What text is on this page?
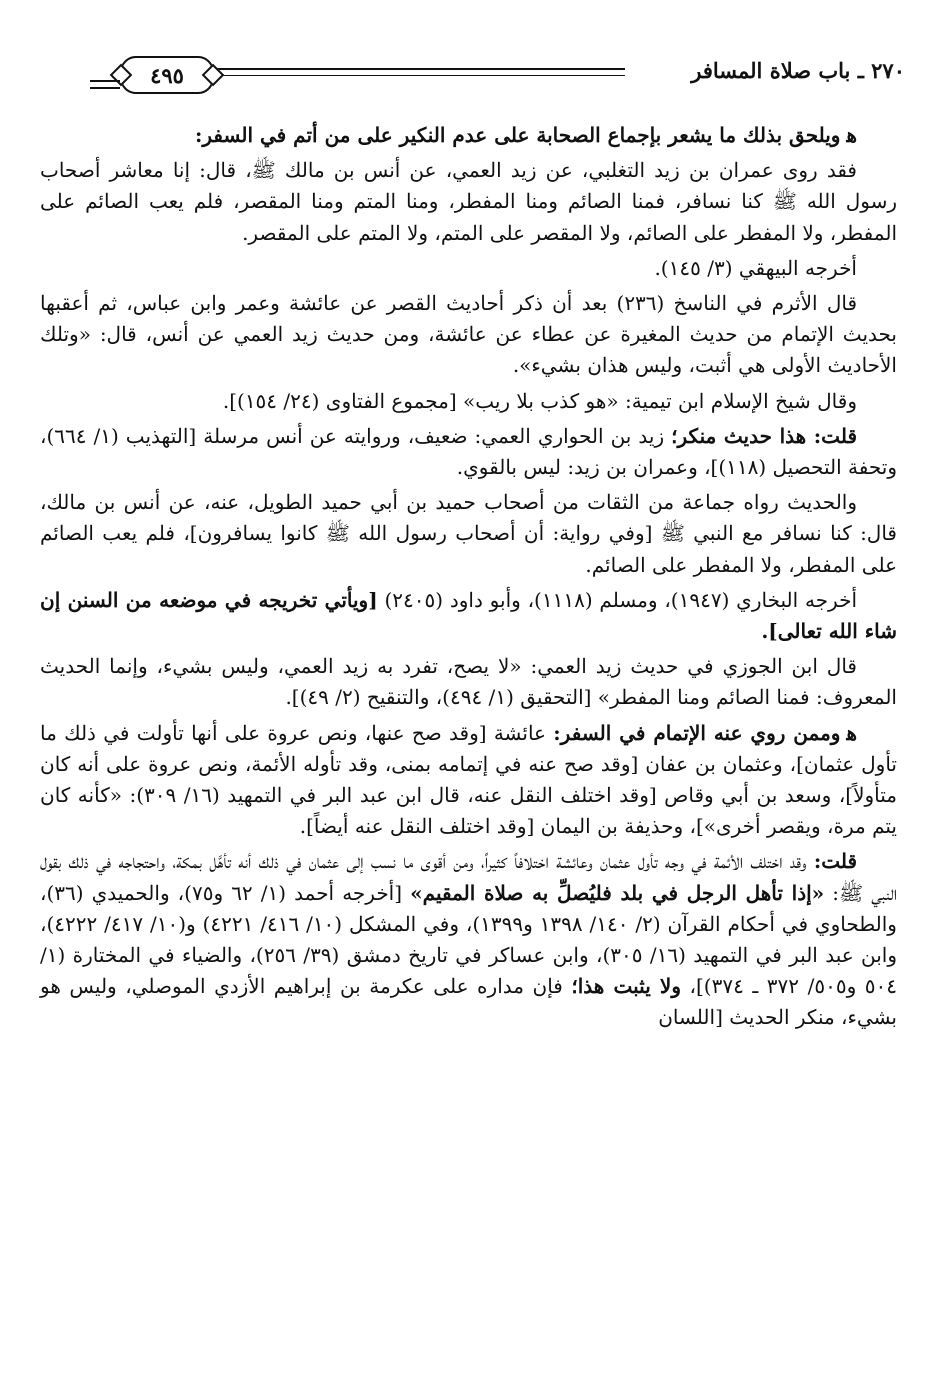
٢٧٠ ـ باب صلاة المسافر
٤٩٥

ﻫويلحق بذلك ما يشعر بإجماع الصحابة على عدم النكير على من أتم في السفر:

فقد روى عمران بن زيد التغلبي، عن زيد العمي، عن أنس بن مالك ﷺ، قال: إنا معاشر أصحاب رسول الله ﷺ كنا نسافر، فمنا الصائم ومنا المفطر، ومنا المتم ومنا المقصر، فلم يعب الصائم على المفطر، ولا المفطر على الصائم، ولا المقصر على المتم، ولا المتم على المقصر.

أخرجه البيهقي (٣/ ١٤٥).

قال الأثرم في الناسخ (٢٣٦) بعد أن ذكر أحاديث القصر عن عائشة وعمر وابن عباس، ثم أعقبها بحديث الإتمام من حديث المغيرة عن عطاء عن عائشة، ومن حديث زيد العمي عن أنس، قال: «وتلك الأحاديث الأولى هي أثبت، وليس هذان بشيء».

وقال شيخ الإسلام ابن تيمية: «هو كذب بلا ريب» [مجموع الفتاوى (٢٤/ ١٥٤)].

قلت: هذا حديث منكر؛ زيد بن الحواري العمي: ضعيف، وروايته عن أنس مرسلة [التهذيب (١/ ٦٦٤)، وتحفة التحصيل (١١٨)]، وعمران بن زيد: ليس بالقوي.

والحديث رواه جماعة من الثقات من أصحاب حميد بن أبي حميد الطويل، عنه، عن أنس بن مالك، قال: كنا نسافر مع النبي ﷺ [وفي رواية: أن أصحاب رسول الله ﷺ كانوا يسافرون]، فلم يعب الصائم على المفطر، ولا المفطر على الصائم.

أخرجه البخاري (١٩٤٧)، ومسلم (١١١٨)، وأبو داود (٢٤٠٥) [ويأتي تخريجه في موضعه من السنن إن شاء الله تعالى].

قال ابن الجوزي في حديث زيد العمي: «لا يصح، تفرد به زيد العمي، وليس بشيء، وإنما الحديث المعروف: فمنا الصائم ومنا المفطر» [التحقيق (١/ ٤٩٤)، والتنقيح (٢/ ٤٩)].

ﻫوممن روي عنه الإتمام في السفر: عائشة [وقد صح عنها، ونص عروة على أنها تأولت في ذلك ما تأول عثمان]، وعثمان بن عفان [وقد صح عنه في إتمامه بمنى، وقد تأوله الأئمة، ونص عروة على أنه كان متأولاً]، وسعد بن أبي وقاص [وقد اختلف النقل عنه، قال ابن عبد البر في التمهيد (١٦/ ٣٠٩): «كأنه كان يتم مرة، ويقصر أخرى»]، وحذيفة بن اليمان [وقد اختلف النقل عنه أيضاً].

قلت: وقد اختلف الأئمة في وجه تأول عثمان وعائشة اختلافاً كثيراً، ومن أقوى ما نسب إلى عثمان في ذلك أنه تأهَّل بمكة، واحتجاجه في ذلك بقول النبي ﷺ: «إذا تأهل الرجل في بلد فليُصلِّ به صلاة المقيم» [أخرجه أحمد (١/ ٦٢ و٧٥)، والحميدي (٣٦)، والطحاوي في أحكام القرآن (٢/ ١٤٠/ ١٣٩٨ و١٣٩٩)، وفي المشكل (١٠/ ٤١٦/ ٤٢٢١) و(١٠/ ٤١٧/ ٤٢٢٢)، وابن عبد البر في التمهيد (١٦/ ٣٠٥)، وابن عساكر في تاريخ دمشق (٣٩/ ٢٥٦)، والضياء في المختارة (١/ ٥٠٤ و٥٠٥/ ٣٧٢ ـ ٣٧٤)]، ولا يثبت هذا؛ فإن مداره على عكرمة بن إبراهيم الأزدي الموصلي، وليس هو بشيء، منكر الحديث [اللسان
